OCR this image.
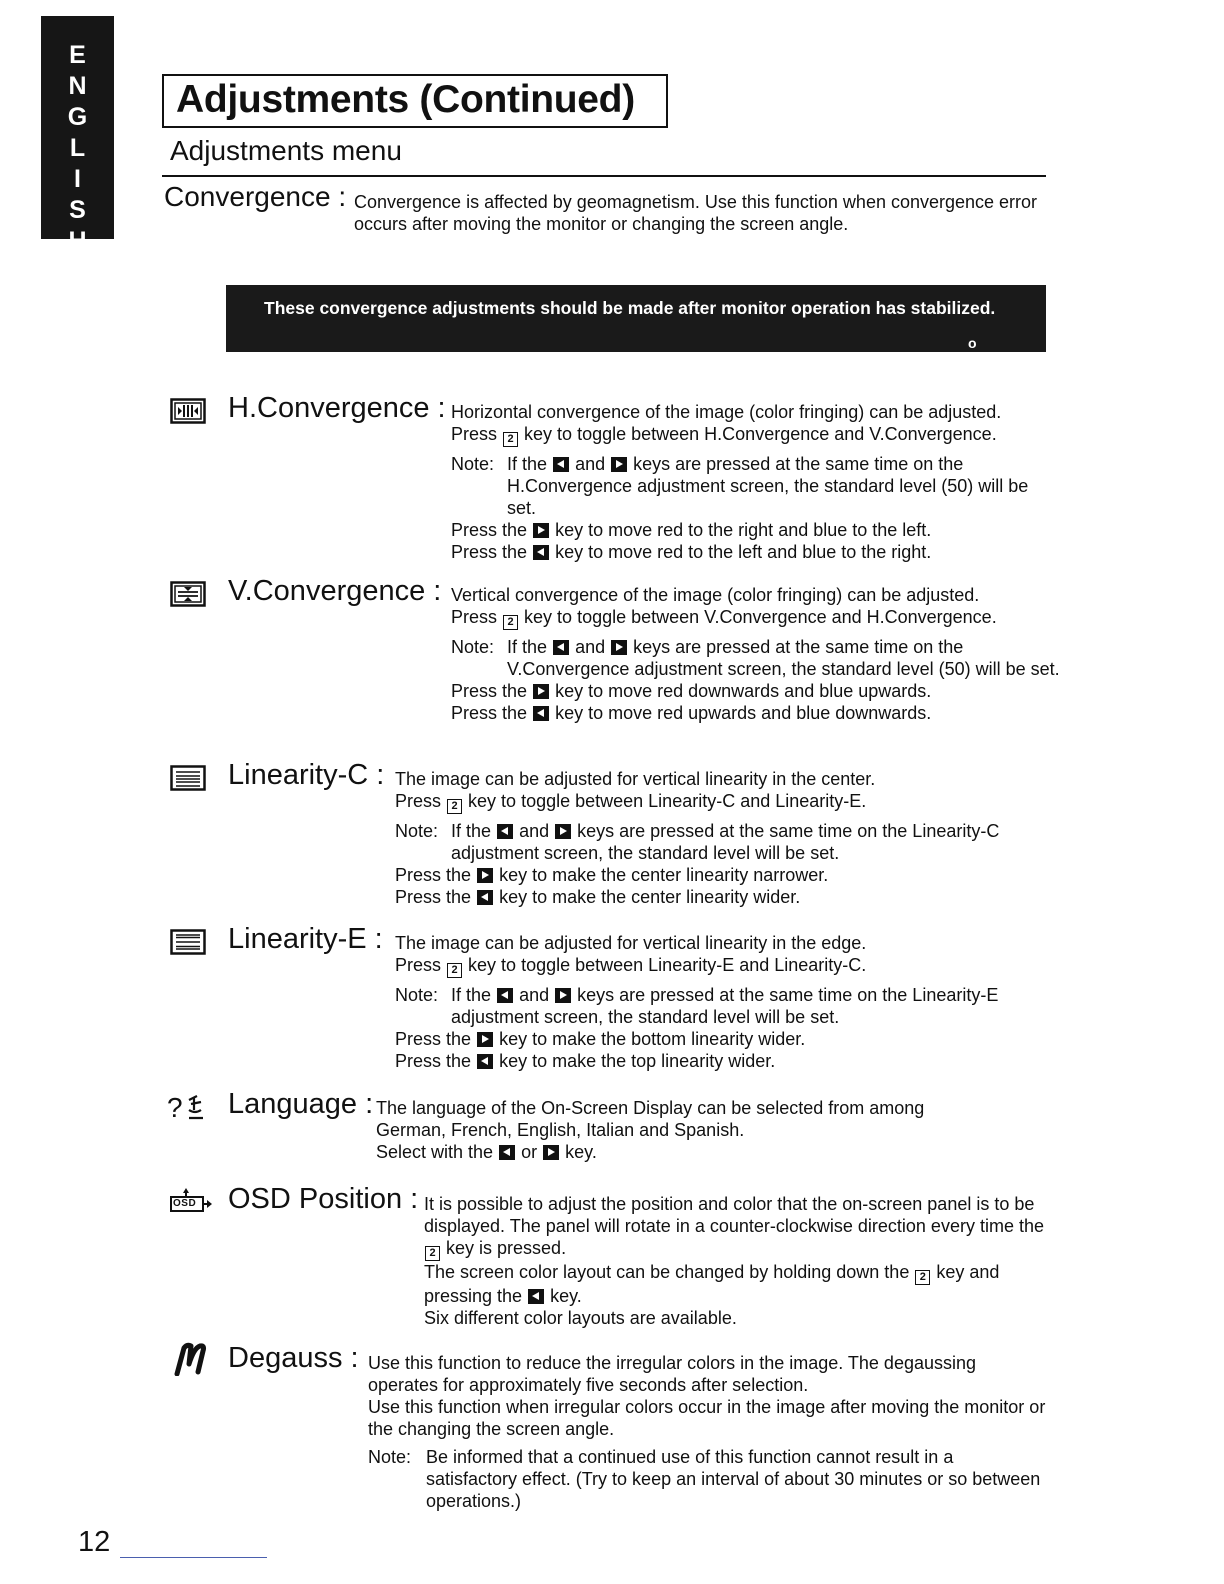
E
N
G
L
I
S
H
Adjustments (Continued)
Adjustments menu
Convergence : Convergence is affected by geomagnetism. Use this function when convergence error occurs after moving the monitor or changing the screen angle.

These convergence adjustments should be made after monitor operation has stabilized.

o
H.Convergence : Horizontal convergence of the image (color fringing) can be adjusted.

Press 2 key to toggle between H.Convergence and V.Convergence.

Note: If the and keys are pressed at the same time on the H.Convergence adjustment screen, the standard level (50) will be set.

Press the key to move red to the right and blue to the left.

Press the key to move red to the left and blue to the right.

V.Convergence : Vertical convergence of the image (color fringing) can be adjusted.

Press 2 key to toggle between V.Convergence and H.Convergence.

Note: If the and keys are pressed at the same time on the V.Convergence adjustment screen, the standard level (50) will be set.

Press the key to move red downwards and blue upwards.

Press the key to move red upwards and blue downwards.

Linearity-C : The image can be adjusted for vertical linearity in the center.

Press 2 key to toggle between Linearity-C and Linearity-E.

Note: If the and keys are pressed at the same time on the Linearity-C adjustment screen, the standard level will be set.

Press the key to make the center linearity narrower.

Press the key to make the center linearity wider.

Linearity-E : The image can be adjusted for vertical linearity in the edge.

Press 2 key to toggle between Linearity-E and Linearity-C.

Note: If the and keys are pressed at the same time on the Linearity-E adjustment screen, the standard level will be set.

Press the key to make the bottom linearity wider.

Press the key to make the top linearity wider.

? Language : The language of the On-Screen Display can be selected from among German, French, English, Italian and Spanish.

Select with the or key.

OSD OSD Position : It is possible to adjust the position and color that the on-screen panel is to be displayed. The panel will rotate in a counter-clockwise direction every time the 2 key is pressed.

The screen color layout can be changed by holding down the 2 key and pressing the key.

Six different color layouts are available.

Degauss : Use this function to reduce the irregular colors in the image. The degaussing operates for approximately five seconds after selection.

Use this function when irregular colors occur in the image after moving the monitor or the changing the screen angle.

Note: Be informed that a continued use of this function cannot result in a satisfactory effect. (Try to keep an interval of about 30 minutes or so between operations.)
12
